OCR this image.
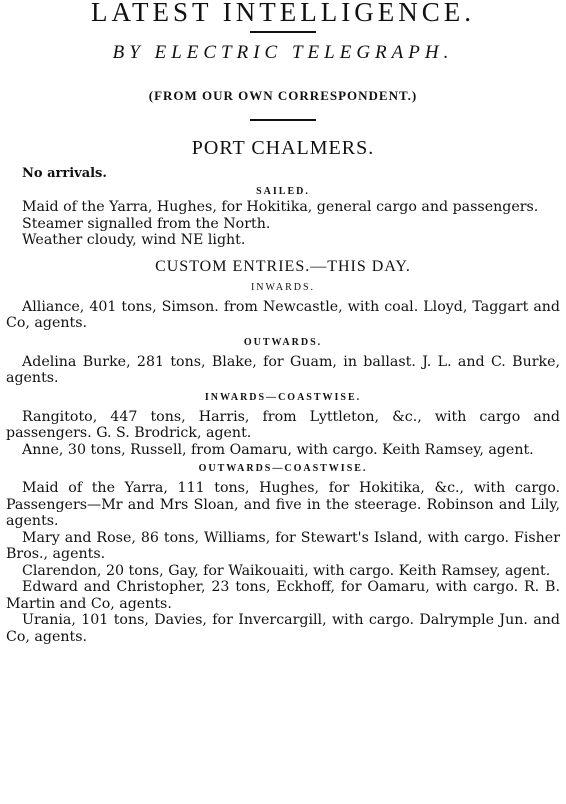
LATEST INTELLIGENCE.
BY ELECTRIC TELEGRAPH.
(FROM OUR OWN CORRESPONDENT.)
PORT CHALMERS.
No arrivals.
SAILED.

Maid of the Yarra, Hughes, for Hokitika, general cargo and passengers.

Steamer signalled from the North.

Weather cloudy, wind NE light.

CUSTOM ENTRIES.—THIS DAY.
INWARDS.

Alliance, 401 tons, Simson. from Newcastle, with coal. Lloyd, Taggart and Co, agents.

OUTWARDS.

Adelina Burke, 281 tons, Blake, for Guam, in ballast. J. L. and C. Burke, agents.

INWARDS—COASTWISE.

Rangitoto, 447 tons, Harris, from Lyttleton, &c., with cargo and passengers. G. S. Brodrick, agent.

Anne, 30 tons, Russell, from Oamaru, with cargo. Keith Ramsey, agent.

OUTWARDS—COASTWISE.

Maid of the Yarra, 111 tons, Hughes, for Hokitika, &c., with cargo. Passengers—Mr and Mrs Sloan, and five in the steerage. Robinson and Lily, agents.

Mary and Rose, 86 tons, Williams, for Stewart's Island, with cargo. Fisher Bros., agents.

Clarendon, 20 tons, Gay, for Waikouaiti, with cargo. Keith Ramsey, agent.

Edward and Christopher, 23 tons, Eckhoff, for Oamaru, with cargo. R. B. Martin and Co, agents.

Urania, 101 tons, Davies, for Invercargill, with cargo. Dalrymple Jun. and Co, agents.
